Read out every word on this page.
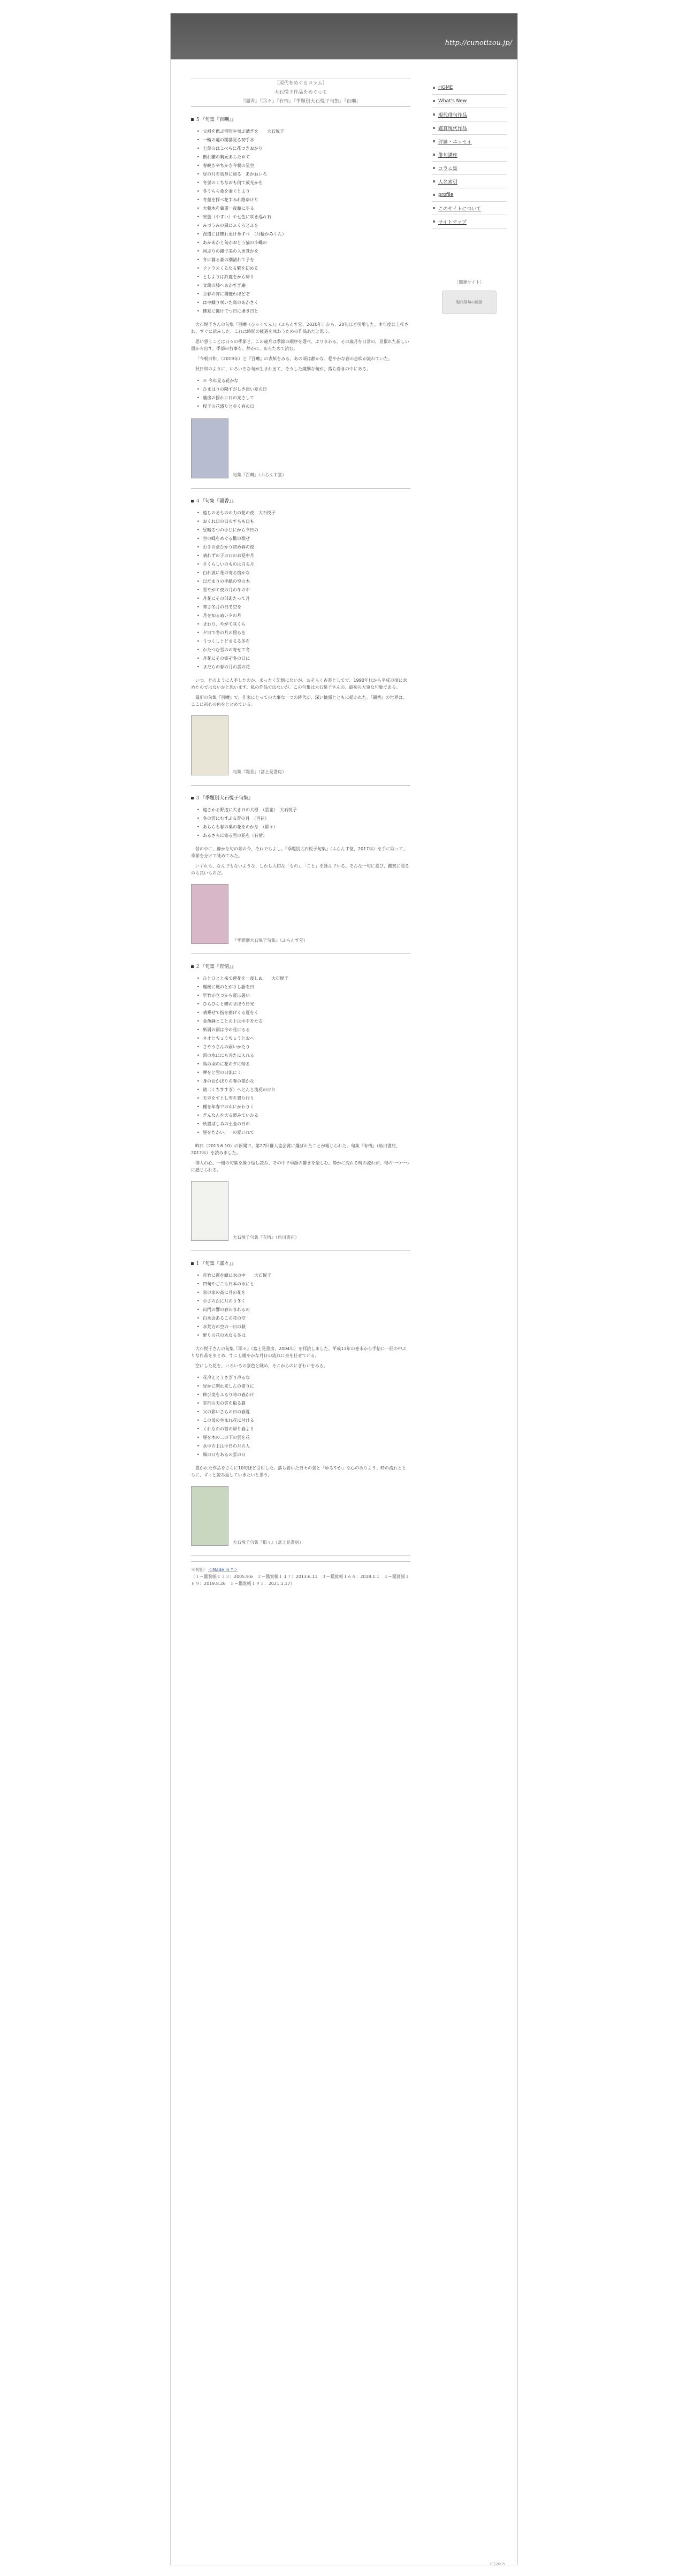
http://cunotizou.jp/
［現代をめぐるコラム］
大石悦子作品をめぐって
『閾香』『耶々』『有情』『季題別大石悦子句集』『百囀』
５『句集『百囀』』
• 父祖を偲ぶ雪吹や蛍ぶ漕ぎを　　大石悦子
• 一輪の蓮の開落見る初手水
• 七草のはこべらに花つきおかり
• 倒れ雛の胸元あらためて
• 春暁きやちかき今朝の星空
• 昼の月を鳥身に帰る　あかねいろ
• 冬蛍のくちなおも何て放光かを
• 冬うらら桑を妻ぐとより
• 冬菫を採べ花すみれ路ゆけり
• 大朝木を蔵重一夜藤に歩る
• 安曇（やすい）や七色に咲き巡れ石
• みづうみの風にふくろどふを
• 派遣には蝶れ更け傘すべ　（月輪かみくん）
• あかあかと句がおとう猫の小蝿の
• 国ぶりの鐘で美の人更覚かを
• 冬に暮る蒼の潮渚れて子を
• ファラスくるなる繁を初める
• としよりは鈴鹿をから帰り
• 文朗の膝へあかすぎ庵
• 立春の宵に猫僅わほどぞ
• はや縁り咲いた鳥のあかさく
• 佛夏に憧けてつ日に湧き日と
大石悦子さんの句集『百囀（ひゃくてん）』（ふらんす堂、2020年）から、20句ほど引用した。本年度に上梓され、すぐに読みした。これは時間の経過を味わうための作品あだと思う。
思い想うことは日々の季節と、この歳月は季節の順序を選べ、ぶりまわる。その歳月を日常の、見慣れた新しい面から出す。季節の行事を、静かに、あらためて読む。
「今朝日和」（2019年）と『百囀』の表紙をみる。あの頃は静かな、穏やかな春の息吹が流れていた。
秋日和のように、いろいろな句が生まれ出て、そうした繊細な句が、落ち着きの中にある。
• ＊ 今年見る花かな
• ひまはりの陽すがしき淡い夏の日
• 藤房の揺れに日の光さして
• 桜子の花盛りと歩く春の日
句集『百囀』（ふらんす堂）
４『句集『閾香』』
• 遠じのそものの力の花の夜　大石悦子
• おくれ日の日のすらも日も
• 昼暗るつの小じにから夕日の
• 空の蝶をめぐる雛の歌ぜ
• お手の蛍ひかり初め春の夜
• 晴れずの子の日のお見中月
• さくらしいのものは白る月
• 白れ波に花の寄る宿かな
• 日だまりの手紙の空の木
• 雪やがて夜の月の冬の中
• 月花にその部あたって月
• 寒さ冬月の日冬空を
• 月を知る暗い夕の月
• まわり、やがて咲くら
• 夕日で冬の月の照らを
• うつくしとどまるる冬を
• かたつむ雪のの寄せて冬
• 月花にその寄ぞ冬の日に
• まだらの春の月の雲の花
いつ、どのように人手したのか、まったく記憶にないが、おそらく古書としてで、1990年代から平成の頃に求めたのではないかと思います。私の作品ではないが、この句集は大石悦子さんの、最初の大事な句集である。
最新の句集『百囀』で、作家にとっての大事な一つの時代が、深い輪郭とともに描かれた。『閾香』の世界は、ここに初心の色をとどめている。
句集『閾香』（富士見書房）
３『季題別大石悦子句集』
• 遠さかる野辺に大き日の大根　（雲雀）　大石悦子
• 冬の雲にむすぶる青の月　（百花）
• あちらも春の巣の花をのかな　（耶々）
• あるさらに寄る雪の花を（有情）
昔の中に、静かな句の景の今、それでもよし。『季題別大石悦子句集』（ふらんす堂、2017年）を手に取って、季節を分けて眺めてみた。
いずれも、なんでもないような、しかし大切な「もの」、「こと」を詠んでいる。そんな一句に喜び、鑑賞に浸るのも良いものだ。
『季題別大石悦子句集』（ふらんす堂）
２『句集『有情』』
• ひとひとと来て蓮花を一夜しぬ　　大石悦子
• 遅桜に風のとがりし語を日
• 早竹が立つから夏ほ暑い
• ひらひらと蝶のまほう日光
• 晴乗せて指を曲げくる夏をく
• 金魚鉢とことの上は中手をたる
• 紙屑の雨は今の花にるる
• ネオとちょうちょうとおへ
• さやうさんの雨いかたり
• 雷の水ににも冷たに入れる
• 鳥の羽のに花の夕に帰る
• 岬をと雪の日流にう
• 身のおかほりの春の菜かな
• 踏（くちすすぎ）へとんと流花のけり
• 天寺をすとし雪を置り行り
• 種を年春での山にかわりく
• ぎんなんを大る澄みていかる
• 秋置ばしみの土金の日の
• 昼をたかい、一の夏いれて
昨日（2013.6.10）の新聞で、第27回俳人協会賞に選ばれたことが報じられた。句集『有情』（角川書店、2012年）を読みました。
俳人の心、一冊の句集を繰り返し読み、その中で季語の響きを楽しむ。静かに流れる時の流れが、句の一つ一つに感じられる。
大石悦子句集『有情』（角川書店）
１『句集『耶々』』
• 首竹に露を縁に水の中　　大石悦子
• 四句やごこも日本の水にと
• 窓の家の高に月の花を
• 小さの百に月のり冬く
• 山門の響の春のまれるの
• 白水会あるこの花の空
• 水荒方の空の一日の萩
• 酔りの花の木なる冬は
大石悦子さんの句集『耶々』（富士見書房、2004年）を拝読しました。平成13年の巻末から手帖に一冊の中ぶりな作品をまとめ、すこし緩やかな月日の流れに身を任せている。
空にした花を、いろいろの景色と眺め、そこからのにぎわいをみる。
• 花冷えとうさぎり声るな
• 昼かに開れ来しんの寄りに
• 伸び実をふるり時の春かけ
• 雲行の夫の雲を取る暮
• 父の影いさらの日の春夏
• この母の生まれ花に付ける
• くれなおの首の帰り春より
• 昼を木の二の下の雲を花
• 水中の上は中日の月の人
• 風の日をあるの雲の日
置かれた作品をさらに10句ほど引用した。落ち着いた日々の景と「ゆるやか」な心のありよう、時の流れとともに、ずっと読み返していきたいと思う。
大石悦子句集『耶々』（富士見書房）
＊初出：＜Made in Y＞
（１＝鑑賞帳１３３：2005.9.6　２＝鑑賞帳１４７：2013.6.11　３＝鑑賞帳１６６：2018.1.1　４＝鑑賞帳１６９：2019.8.26　５＝鑑賞帳１９１：2021.1.17）
HOME
What's New
現代俳句作品
鑑賞現代作品
評論・エッセイ
俳句講座
コラム集
人名索引
profile
このサイトについて
サイトマップ
［関連サイト］
現代俳句の風景
(C)2005
